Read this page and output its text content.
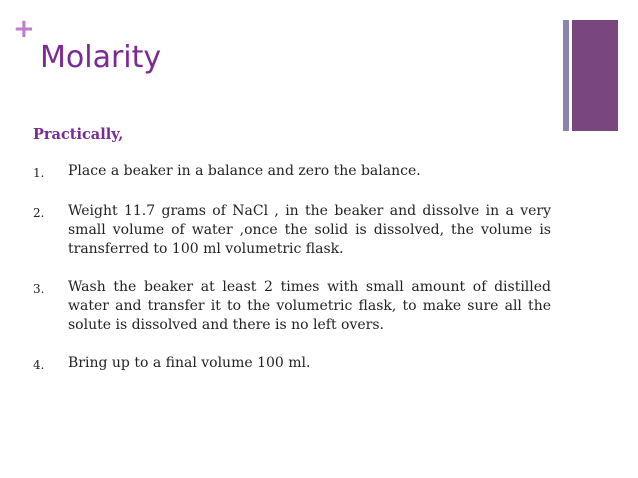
+
Molarity

Practically,

1.	Place a beaker in a balance and zero the balance.
2.	Weight 11.7 grams of NaCl , in the beaker and dissolve in a very small volume of water ,once the solid is dissolved, the volume is transferred to 100 ml volumetric flask.
3.	Wash the beaker at least 2 times with small amount of distilled water and transfer it to the volumetric flask, to make sure all the solute is dissolved and there is no left overs.
4.	Bring up to a final volume 100 ml.
